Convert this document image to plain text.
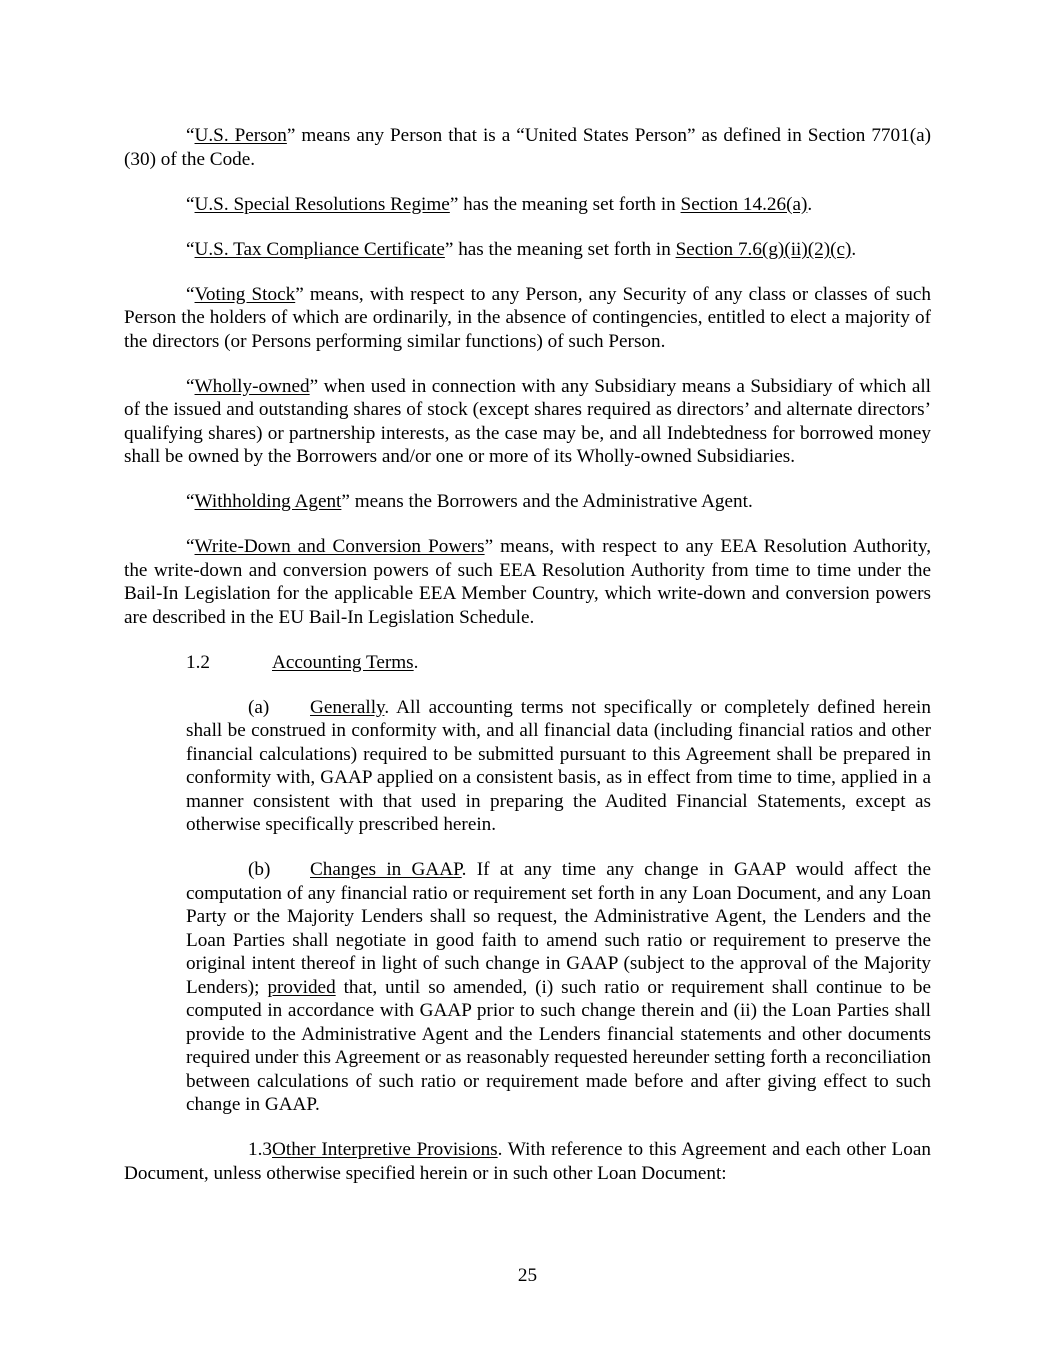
“U.S. Person” means any Person that is a “United States Person” as defined in Section 7701(a)(30) of the Code.

“U.S. Special Resolutions Regime” has the meaning set forth in Section 14.26(a).

“U.S. Tax Compliance Certificate” has the meaning set forth in Section 7.6(g)(ii)(2)(c).

“Voting Stock” means, with respect to any Person, any Security of any class or classes of such Person the holders of which are ordinarily, in the absence of contingencies, entitled to elect a majority of the directors (or Persons performing similar functions) of such Person.

“Wholly-owned” when used in connection with any Subsidiary means a Subsidiary of which all of the issued and outstanding shares of stock (except shares required as directors’ and alternate directors’ qualifying shares) or partnership interests, as the case may be, and all Indebtedness for borrowed money shall be owned by the Borrowers and/or one or more of its Wholly-owned Subsidiaries.

“Withholding Agent” means the Borrowers and the Administrative Agent.

“Write-Down and Conversion Powers” means, with respect to any EEA Resolution Authority, the write-down and conversion powers of such EEA Resolution Authority from time to time under the Bail-In Legislation for the applicable EEA Member Country, which write-down and conversion powers are described in the EU Bail-In Legislation Schedule.

1.2	Accounting Terms.

(a) Generally. All accounting terms not specifically or completely defined herein shall be construed in conformity with, and all financial data (including financial ratios and other financial calculations) required to be submitted pursuant to this Agreement shall be prepared in conformity with, GAAP applied on a consistent basis, as in effect from time to time, applied in a manner consistent with that used in preparing the Audited Financial Statements, except as otherwise specifically prescribed herein.

(b) Changes in GAAP. If at any time any change in GAAP would affect the computation of any financial ratio or requirement set forth in any Loan Document, and any Loan Party or the Majority Lenders shall so request, the Administrative Agent, the Lenders and the Loan Parties shall negotiate in good faith to amend such ratio or requirement to preserve the original intent thereof in light of such change in GAAP (subject to the approval of the Majority Lenders); provided that, until so amended, (i) such ratio or requirement shall continue to be computed in accordance with GAAP prior to such change therein and (ii) the Loan Parties shall provide to the Administrative Agent and the Lenders financial statements and other documents required under this Agreement or as reasonably requested hereunder setting forth a reconciliation between calculations of such ratio or requirement made before and after giving effect to such change in GAAP.

1.3Other Interpretive Provisions. With reference to this Agreement and each other Loan Document, unless otherwise specified herein or in such other Loan Document:

25
